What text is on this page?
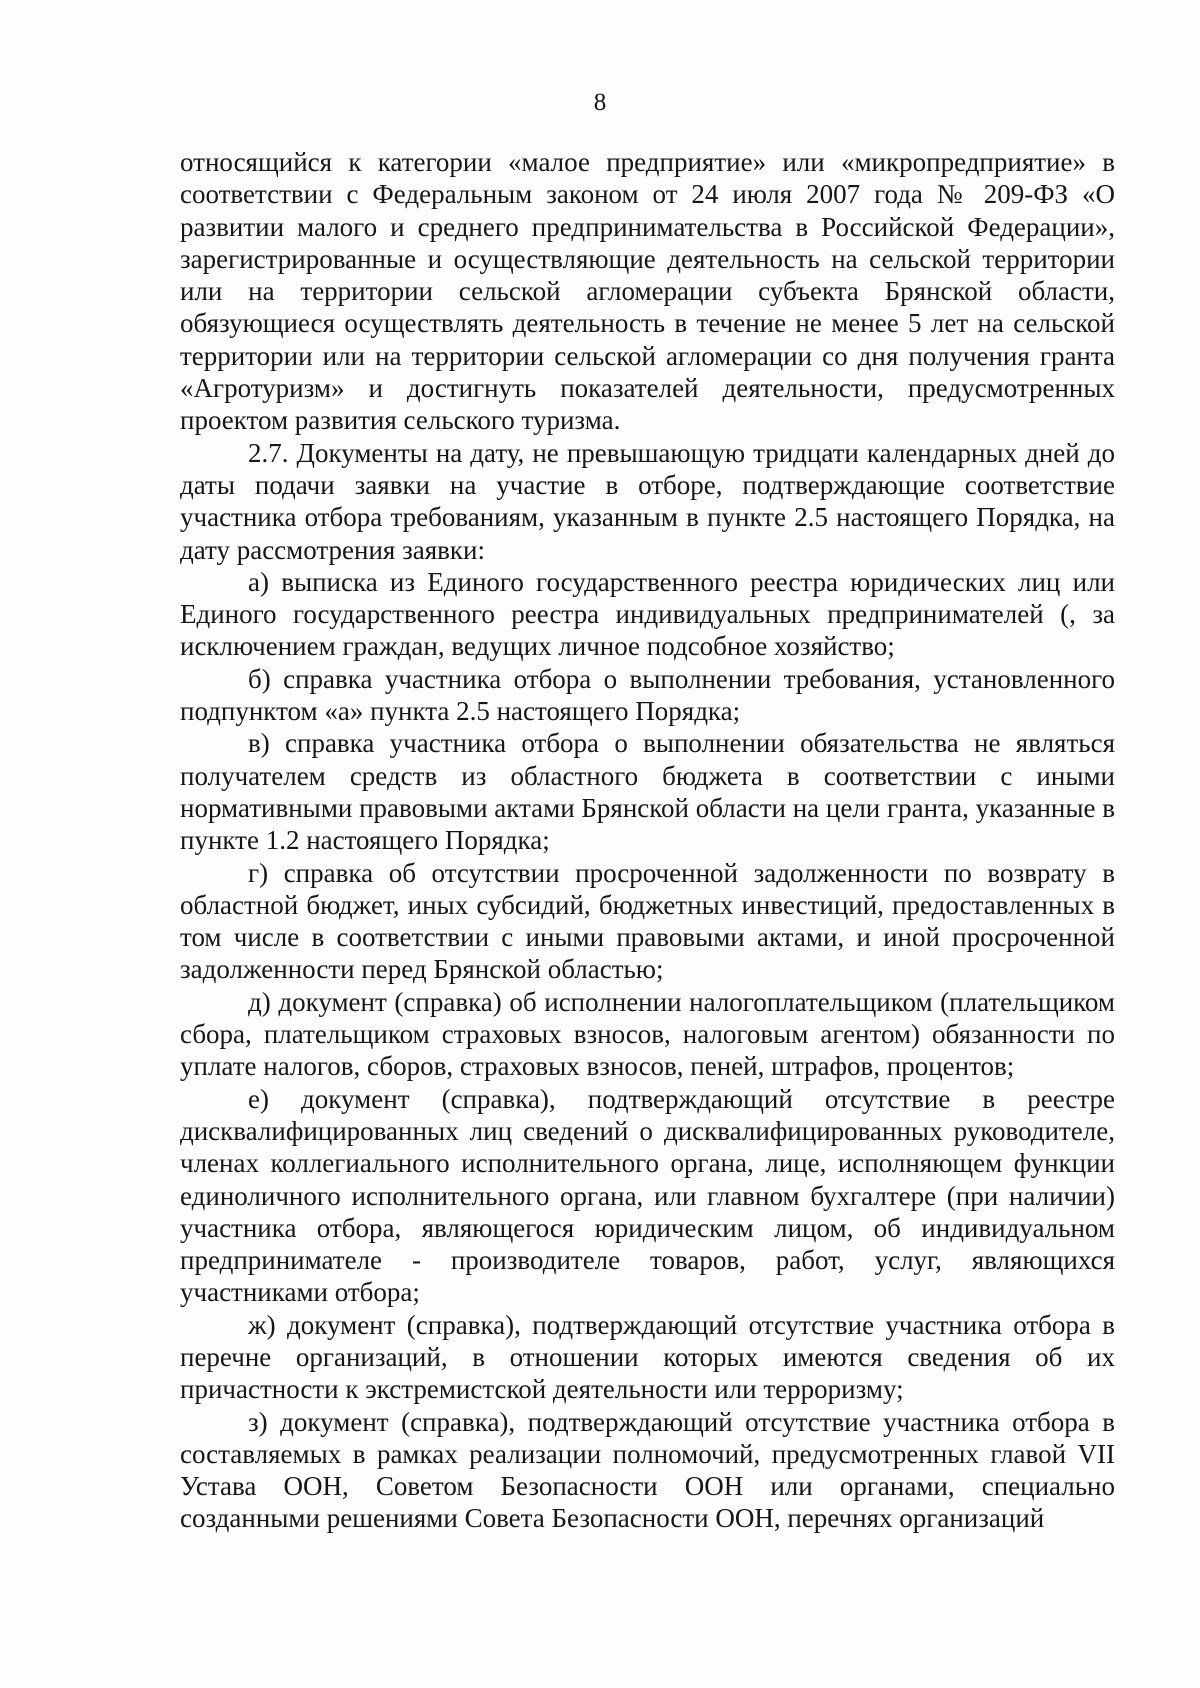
8

относящийся к категории «малое предприятие» или «микропредприятие» в соответствии с Федеральным законом от 24 июля 2007 года № 209-ФЗ «О развитии малого и среднего предпринимательства в Российской Федерации», зарегистрированные и осуществляющие деятельность на сельской территории или на территории сельской агломерации субъекта Брянской области, обязующиеся осуществлять деятельность в течение не менее 5 лет на сельской территории или на территории сельской агломерации со дня получения гранта «Агротуризм» и достигнуть показателей деятельности, предусмотренных проектом развития сельского туризма.

2.7. Документы на дату, не превышающую тридцати календарных дней до даты подачи заявки на участие в отборе, подтверждающие соответствие участника отбора требованиям, указанным в пункте 2.5 настоящего Порядка, на дату рассмотрения заявки:

а) выписка из Единого государственного реестра юридических лиц или Единого государственного реестра индивидуальных предпринимателей (, за исключением граждан, ведущих личное подсобное хозяйство;

б) справка участника отбора о выполнении требования, установленного подпунктом «а» пункта 2.5 настоящего Порядка;

в) справка участника отбора о выполнении обязательства не являться получателем средств из областного бюджета в соответствии с иными нормативными правовыми актами Брянской области на цели гранта, указанные в пункте 1.2 настоящего Порядка;

г) справка об отсутствии просроченной задолженности по возврату в областной бюджет, иных субсидий, бюджетных инвестиций, предоставленных в том числе в соответствии с иными правовыми актами, и иной просроченной задолженности перед Брянской областью;

д) документ (справка) об исполнении налогоплательщиком (плательщиком сбора, плательщиком страховых взносов, налоговым агентом) обязанности по уплате налогов, сборов, страховых взносов, пеней, штрафов, процентов;

е) документ (справка), подтверждающий отсутствие в реестре дисквалифицированных лиц сведений о дисквалифицированных руководителе, членах коллегиального исполнительного органа, лице, исполняющем функции единоличного исполнительного органа, или главном бухгалтере (при наличии) участника отбора, являющегося юридическим лицом, об индивидуальном предпринимателе - производителе товаров, работ, услуг, являющихся участниками отбора;

ж) документ (справка), подтверждающий отсутствие участника отбора в перечне организаций, в отношении которых имеются сведения об их причастности к экстремистской деятельности или терроризму;

з) документ (справка), подтверждающий отсутствие участника отбора в составляемых в рамках реализации полномочий, предусмотренных главой VII Устава ООН, Советом Безопасности ООН или органами, специально созданными решениями Совета Безопасности ООН, перечнях организаций
